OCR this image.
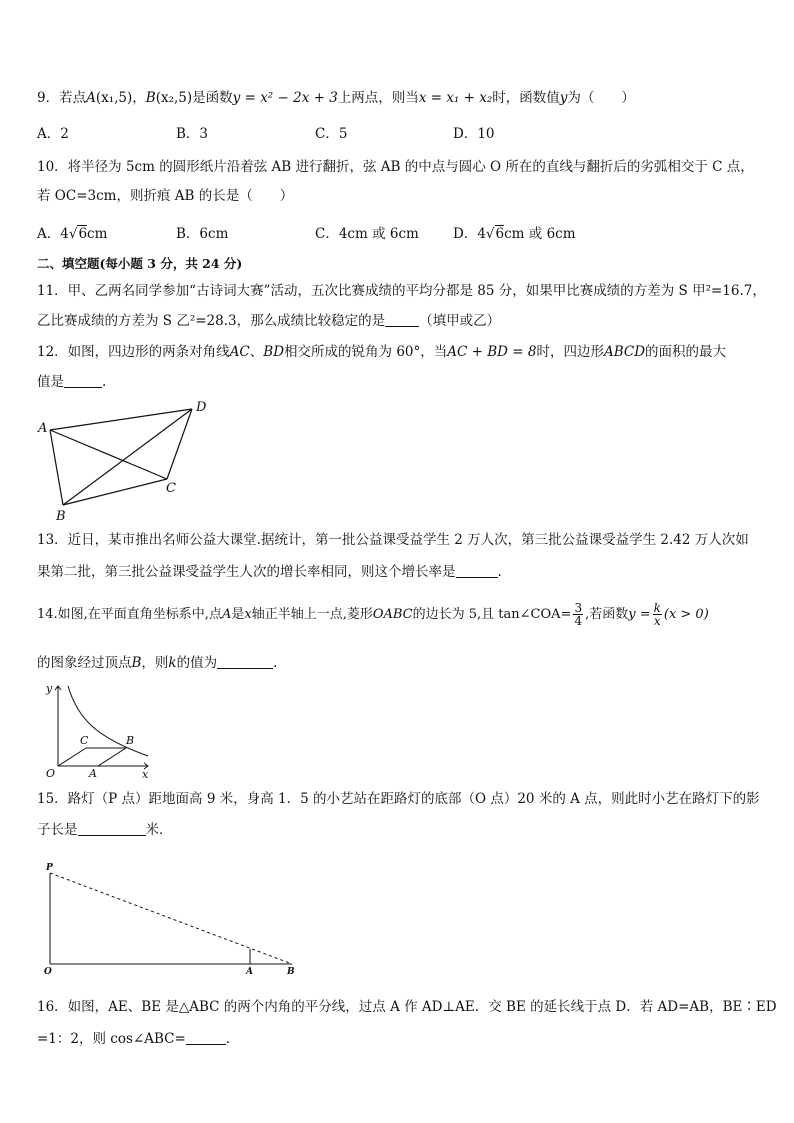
9．若点A(x₁,5)，B(x₂,5)是函数y = x² − 2x + 3上两点，则当x = x₁ + x₂时，函数值y为（　　）
A．2	B．3	C．5	D．10
10．将半径为 5cm 的圆形纸片沿着弦 AB 进行翻折，弦 AB 的中点与圆心 O 所在的直线与翻折后的劣弧相交于 C 点，
若 OC=3cm，则折痕 AB 的长是（　　）
A．4√6cm	B．6cm	C．4cm 或 6cm	D．4√6cm 或 6cm
二、填空题(每小题 3 分，共 24 分)
11．甲、乙两名同学参加“古诗词大赛”活动，五次比赛成绩的平均分都是 85 分，如果甲比赛成绩的方差为 S 甲²=16.7，
乙比赛成绩的方差为 S 乙²=28.3，那么成绩比较稳定的是	（填甲或乙）
12．如图，四边形的两条对角线AC、BD相交所成的锐角为 60°，当AC + BD = 8时，四边形ABCD的面积的最大
值是	.
A
B
C
D
13．近日，某市推出名师公益大课堂.据统计，第一批公益课受益学生 2 万人次，第三批公益课受益学生 2.42 万人次如
果第二批，第三批公益课受益学生人次的增长率相同，则这个增长率是	.
14.如图,在平面直角坐标系中,点A是x轴正半轴上一点,菱形OABC的边长为 5,且 tan∠COA= $\frac{3}{4}$ ,若函数$y = \frac{k}{x} (x > 0)$
的图象经过顶点B，则k的值为	.
y
x
O	A
B
C
15．路灯（P 点）距地面高 9 米，身高 1．5 的小艺站在距路灯的底部（O 点）20 米的 A 点，则此时小艺在路灯下的影
子长是	米．
P
O	A	B
16．如图，AE、BE 是△ABC 的两个内角的平分线，过点 A 作 AD⊥AE．交 BE 的延长线于点 D．若 AD=AB，BE∶ED
=1：2，则 cos∠ABC=	．
